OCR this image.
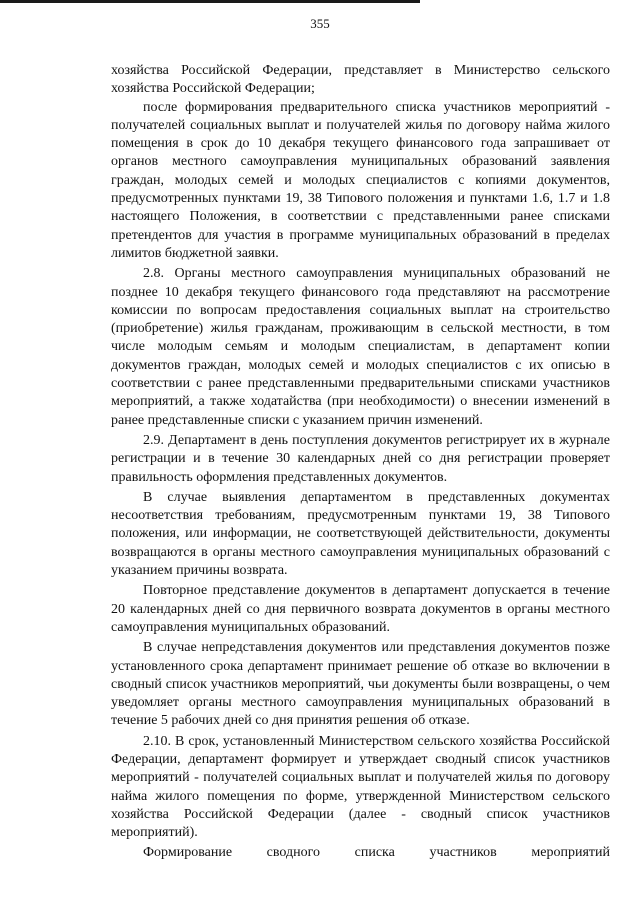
355

хозяйства Российской Федерации, представляет в Министерство сельского хозяйства Российской Федерации;

после формирования предварительного списка участников мероприятий - получателей социальных выплат и получателей жилья по договору найма жилого помещения в срок до 10 декабря текущего финансового года запрашивает от органов местного самоуправления муниципальных образований заявления граждан, молодых семей и молодых специалистов с копиями документов, предусмотренных пунктами 19, 38 Типового положения и пунктами 1.6, 1.7 и 1.8 настоящего Положения, в соответствии с представленными ранее списками претендентов для участия в программе муниципальных образований в пределах лимитов бюджетной заявки.

2.8. Органы местного самоуправления муниципальных образований не позднее 10 декабря текущего финансового года представляют на рассмотрение комиссии по вопросам предоставления социальных выплат на строительство (приобретение) жилья гражданам, проживающим в сельской местности, в том числе молодым семьям и молодым специалистам, в департамент копии документов граждан, молодых семей и молодых специалистов с их описью в соответствии с ранее представленными предварительными списками участников мероприятий, а также ходатайства (при необходимости) о внесении изменений в ранее представленные списки с указанием причин изменений.

2.9. Департамент в день поступления документов регистрирует их в журнале регистрации и в течение 30 календарных дней со дня регистрации проверяет правильность оформления представленных документов.

В случае выявления департаментом в представленных документах несоответствия требованиям, предусмотренным пунктами 19, 38 Типового положения, или информации, не соответствующей действительности, документы возвращаются в органы местного самоуправления муниципальных образований с указанием причины возврата.

Повторное представление документов в департамент допускается в течение 20 календарных дней со дня первичного возврата документов в органы местного самоуправления муниципальных образований.

В случае непредставления документов или представления документов позже установленного срока департамент принимает решение об отказе во включении в сводный список участников мероприятий, чьи документы были возвращены, о чем уведомляет органы местного самоуправления муниципальных образований в течение 5 рабочих дней со дня принятия решения об отказе.

2.10. В срок, установленный Министерством сельского хозяйства Российской Федерации, департамент формирует и утверждает сводный список участников мероприятий - получателей социальных выплат и получателей жилья по договору найма жилого помещения по форме, утвержденной Министерством сельского хозяйства Российской Федерации (далее - сводный список участников мероприятий).

Формирование сводного списка участников мероприятий
